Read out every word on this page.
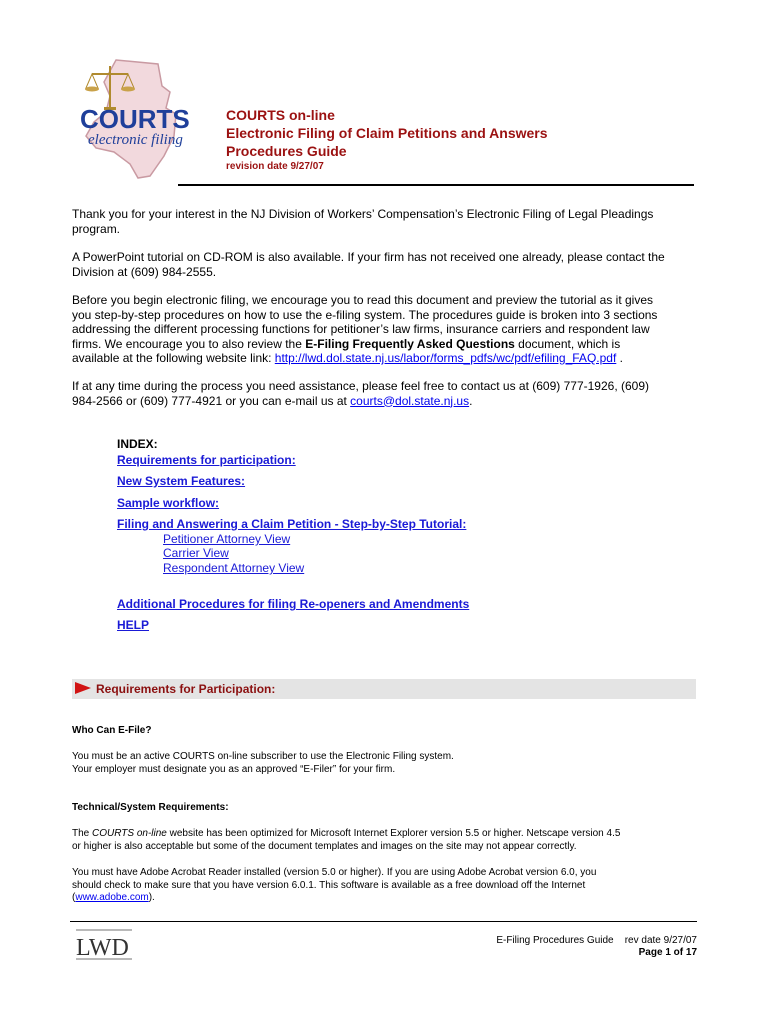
COURTS
electronic filing
COURTS on-line
Electronic Filing of Claim Petitions and Answers
Procedures Guide
revision date 9/27/07
Thank you for your interest in the NJ Division of Workers’ Compensation’s Electronic Filing of Legal Pleadings
program.
A PowerPoint tutorial on CD-ROM is also available. If your firm has not received one already, please contact the
Division at (609) 984-2555.
Before you begin electronic filing, we encourage you to read this document and preview the tutorial as it gives
you step-by-step procedures on how to use the e-filing system. The procedures guide is broken into 3 sections
addressing the different processing functions for petitioner’s law firms, insurance carriers and respondent law
firms. We encourage you to also review the E-Filing Frequently Asked Questions document, which is
available at the following website link: http://lwd.dol.state.nj.us/labor/forms_pdfs/wc/pdf/efiling_FAQ.pdf .
If at any time during the process you need assistance, please feel free to contact us at (609) 777-1926, (609)
984-2566 or (609) 777-4921 or you can e-mail us at courts@dol.state.nj.us.
INDEX:
Requirements for participation:
New System Features:
Sample workflow:
Filing and Answering a Claim Petition - Step-by-Step Tutorial:
Petitioner Attorney View
Carrier View
Respondent Attorney View
Additional Procedures for filing Re-openers and Amendments
HELP
Requirements for Participation:
Who Can E-File?
You must be an active COURTS on-line subscriber to use the Electronic Filing system.
Your employer must designate you as an approved “E-Filer” for your firm.
Technical/System Requirements:
The COURTS on-line website has been optimized for Microsoft Internet Explorer version 5.5 or higher. Netscape version 4.5
or higher is also acceptable but some of the document templates and images on the site may not appear correctly.
You must have Adobe Acrobat Reader installed (version 5.0 or higher). If you are using Adobe Acrobat version 6.0, you
should check to make sure that you have version 6.0.1. This software is available as a free download off the Internet
(www.adobe.com).
LWD	E-Filing Procedures Guide    rev date 9/27/07
Page 1 of 17
